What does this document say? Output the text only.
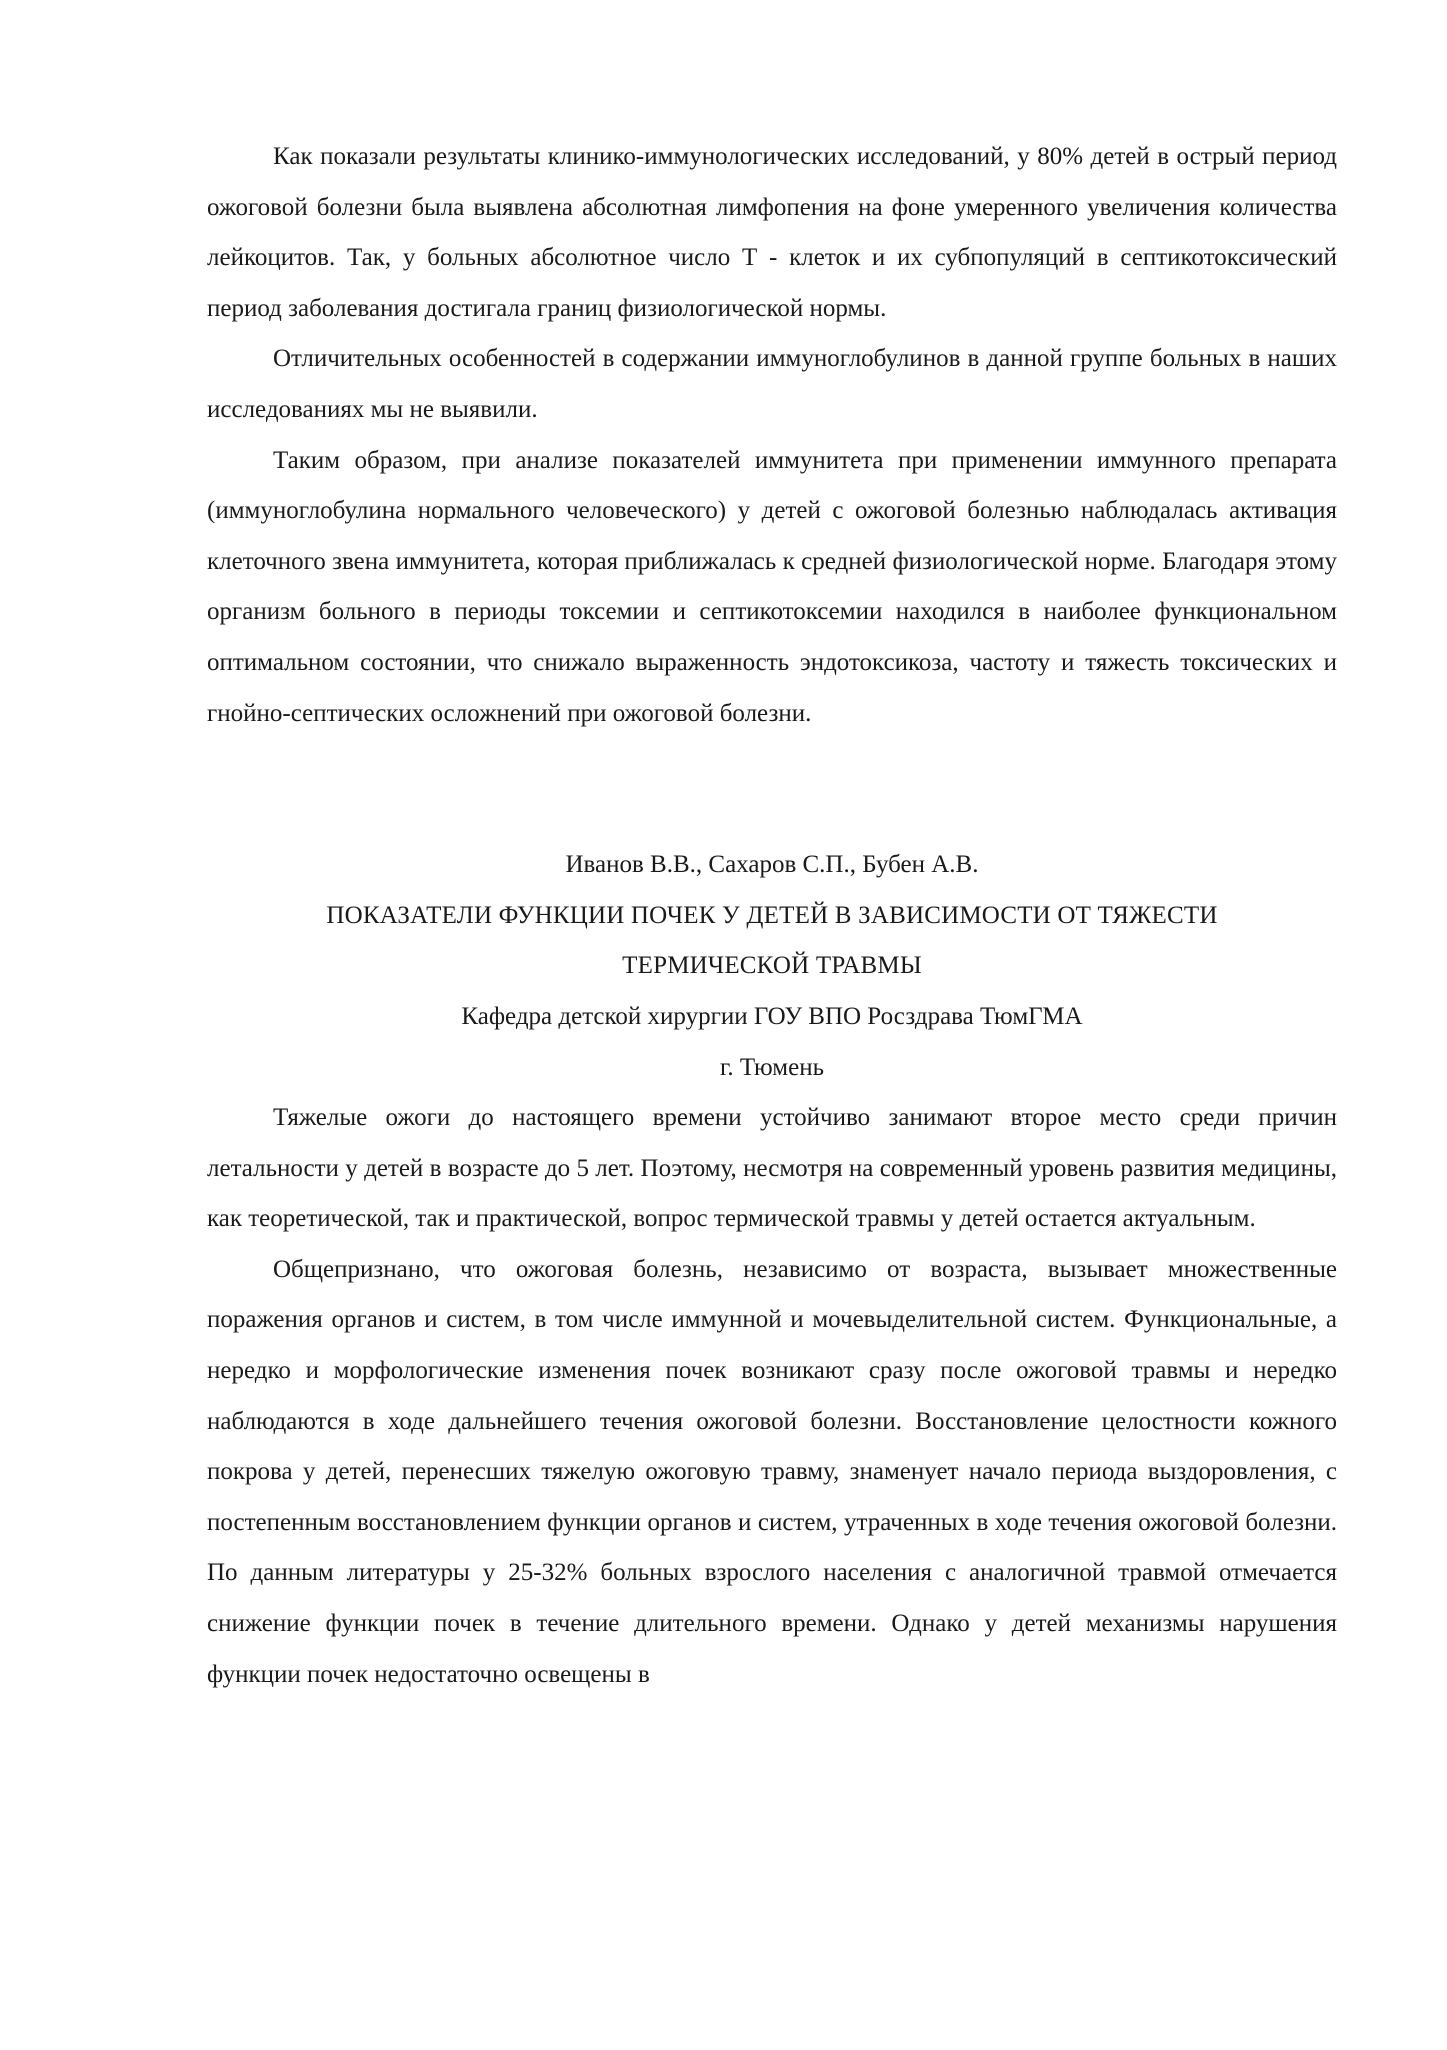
Как показали результаты клинико-иммунологических исследований, у 80% детей в острый период ожоговой болезни была выявлена абсолютная лимфопения на фоне умеренного увеличения количества лейкоцитов. Так, у больных абсолютное число Т - клеток и их субпопуляций в септикотоксический период заболевания достигала границ физиологической нормы.

Отличительных особенностей в содержании иммуноглобулинов в данной группе больных в наших исследованиях мы не выявили.

Таким образом, при анализе показателей иммунитета при применении иммунного препарата (иммуноглобулина нормального человеческого) у детей с ожоговой болезнью наблюдалась активация клеточного звена иммунитета, которая приближалась к средней физиологической норме. Благодаря этому организм больного в периоды токсемии и септикотоксемии находился в наиболее функциональном оптимальном состоянии, что снижало выраженность эндотоксикоза, частоту и тяжесть токсических и гнойно-септических осложнений при ожоговой болезни.

Иванов В.В., Сахаров С.П., Бубен А.В.

ПОКАЗАТЕЛИ ФУНКЦИИ ПОЧЕК У ДЕТЕЙ В ЗАВИСИМОСТИ ОТ ТЯЖЕСТИ

ТЕРМИЧЕСКОЙ ТРАВМЫ

Кафедра детской хирургии ГОУ ВПО Росздрава ТюмГМА

г. Тюмень

Тяжелые ожоги до настоящего времени устойчиво занимают второе место среди причин летальности у детей в возрасте до 5 лет. Поэтому, несмотря на современный уровень развития медицины, как теоретической, так и практической, вопрос термической травмы у детей остается актуальным.

Общепризнано, что ожоговая болезнь, независимо от возраста, вызывает множественные поражения органов и систем, в том числе иммунной и мочевыделительной систем. Функциональные, а нередко и морфологические изменения почек возникают сразу после ожоговой травмы и нередко наблюдаются в ходе дальнейшего течения ожоговой болезни. Восстановление целостности кожного покрова у детей, перенесших тяжелую ожоговую травму, знаменует начало периода выздоровления, с постепенным восстановлением функции органов и систем, утраченных в ходе течения ожоговой болезни. По данным литературы у 25-32% больных взрослого населения с аналогичной травмой отмечается снижение функции почек в течение длительного времени. Однако у детей механизмы нарушения функции почек недостаточно освещены в
